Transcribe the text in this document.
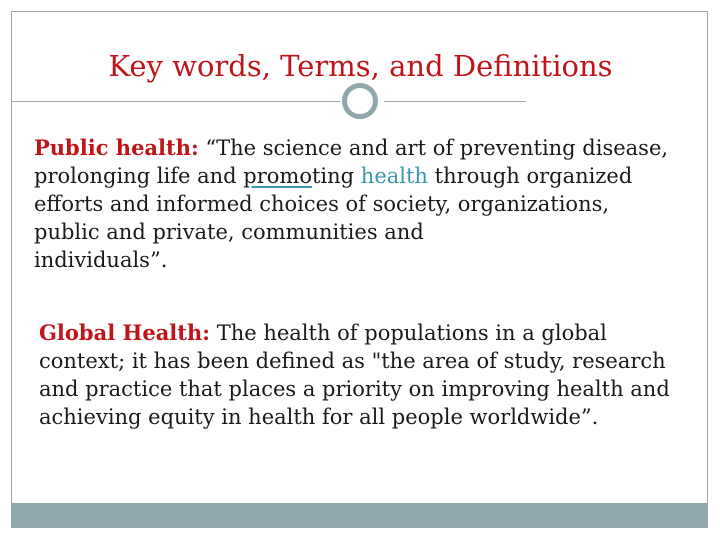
Key words, Terms, and Definitions
Public health: “The science and art of preventing disease,
prolonging life and promoting health through organized
efforts and informed choices of society, organizations,
public and private, communities and
individuals”.
Global Health: The health of populations in a global
context; it has been defined as "the area of study, research
and practice that places a priority on improving health and
achieving equity in health for all people worldwide”.
